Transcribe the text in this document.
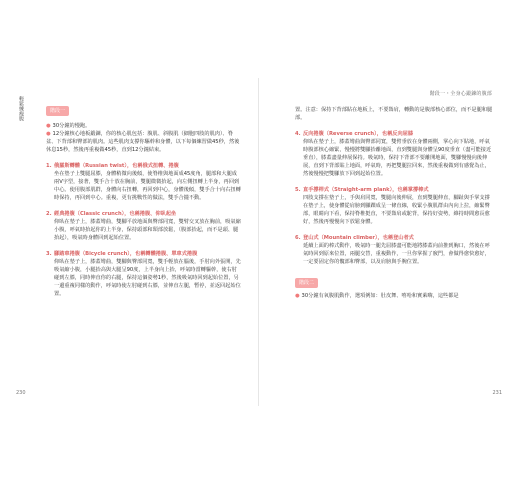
輕鬆練瘦腹	階段一

● 30分鐘的慢跑。

● 12分鐘核心地板鍛鍊，你的核心肌包括：腹肌、斜腹肌（細胞四肢的肌肉）、脊盆、下背部和臀部的肌肉。這些肌肉支撐你驅幹和身體，以下每個練習做45秒，然後休息15秒，然後再重複做45秒，直到12分鐘結束。

1. 俄羅斯轉體（Russian twist），也稱俄式扭轉、捲腹

坐在墊子上雙腿屈膝，身體稍微向後傾，使脊椎與地面成45度角，腿部和大腿成兩V字型，接著，雙手合十放在胸前，雙腿微微抬起，向左側扭轉上半身，再回到中心。使用腹部肌群，身體向右扭轉，再回到中心，身體後傾，雙手合十向右扭轉時保持，再回到中心。重複，更有挑戰性的做法，雙手合攏不動。

2. 經典捲腹（Classic crunch），也稱捲腹、仰臥起坐

仰臥在墊子上，膝蓋彎曲，雙腳平放地面與臀部同寬，雙臂交叉放在胸前，吸氣縮小腹，呼氣時抬起你的上半身，保持頭部和頸部放鬆，（腹部抬起，而不是頭、腿抬起），吸氣時身體回到起始位置。

3. 腳踏車捲腹（Bicycle crunch），也稱轉體捲腹、單車式捲腹

仰臥在墊子上，膝蓋彎曲，雙腳與臀部同寬，雙手輕放在腦後，手肘向外張開，先吸氣縮小腹，小腿抬高與大腿呈90度，上半身向上抬，呼氣時當轉軀幹，使右肘碰到左膝，同時伸直你的右腿，保持這個姿勢1秒，然後吸氣時回到起始位置，另一邊重複同樣的動作，呼氣時使左肘碰到右膝，並伸直左腿，暫停，並返回起始位置。

230
階段一・全身心鍛鍊的腹部

置。注意：保持下背部貼在地板上，不要聳肩，轉動的是腹部核心部位，而不是腿和腿部。

4. 反向捲腹（Reverse crunch），也稱反向屈膝

仰臥在墊子上，膝蓋彎曲與臀部同寬，雙臂垂放在身體兩側，掌心向下貼地，呼氣時腹部核心縮緊，慢慢將雙腳抬離地面，直到雙腿與身體呈90度垂直（盡可能接近垂直），膝蓋盡量伸展保持。吸氣時，保持下背部不要離開地面，雙腳慢慢向後伸展，直到下背部貼上地面，呼氣時，再把雙腿拉回來，然後重複做到有感覺為止，然後慢慢把雙腳放下回到起始位置。

5. 直手撐桿式（Straight-arm plank），也稱掌撐棒式

四肢支撐在墊子上，手與肩同寬，雙腿向後伸展，直到雙腿伸直，腳趾與手掌支撐在墊子上，使身體從肩膀到腳踝成呈一條直線，收緊小腹肌群由內向上拉，縮緊臀部，眼睛向下看，保持脊椎挺直，不要聳肩或駝背，保持好姿勢，維持時間愈長愈好，然後再慢慢向下放鬆身體。

6. 登山式（Mountain climber），也稱登山者式

延續上面的棒式動作，吸氣時一腿先屈膝盡可能地將膝蓋向前推到胸口，然後在呼氣時回到原來位置，兩腿交替，重複動作，一旦你掌握了竅門，會做得愈快愈好，一定要固定你的髖部和臀部，以及肩膀與手腕位置。

階段二

● 30分鐘有氧腹肌動作，選項例如：肚皮舞、嘻哈和實萊嗨，這些都是

231
